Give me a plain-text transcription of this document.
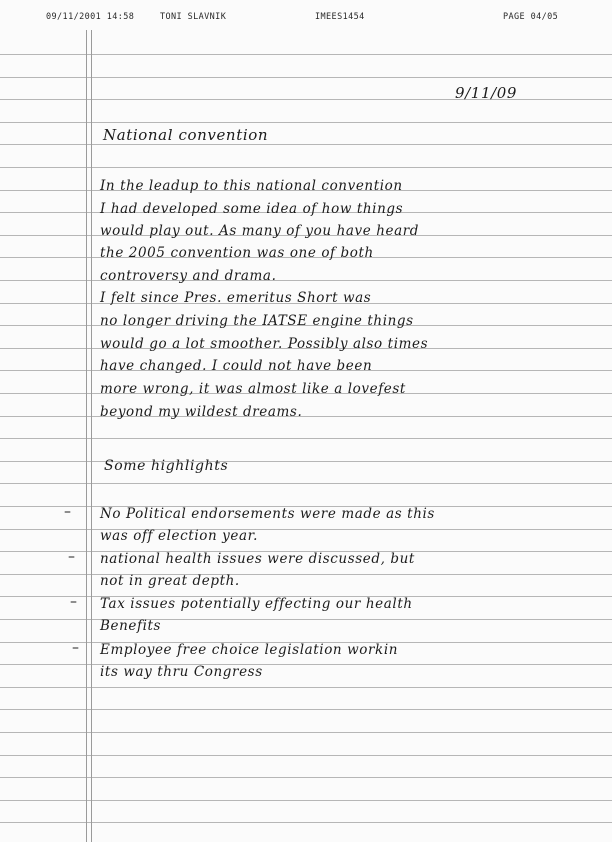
09/11/2001 14:58	TONI SLAVNIK	IMEES1454	PAGE 04/05
9/11/09
National convention
In the leadup to this national convention
I had developed some idea of how things
would play out. As many of you have heard
the 2005 convention was one of both
controversy and drama.
I felt since Pres. emeritus Short was
no longer driving the IATSE engine things
would go a lot smoother. Possibly also times
have changed. I could not have been
more wrong, it was almost like a lovefest
beyond my wildest dreams.
Some highlights
– No Political endorsements were made as this
was off election year.
– national health issues were discussed, but
not in great depth.
– Tax issues potentially effecting our health
Benefits
– Employee free choice legislation workin
its way thru Congress
